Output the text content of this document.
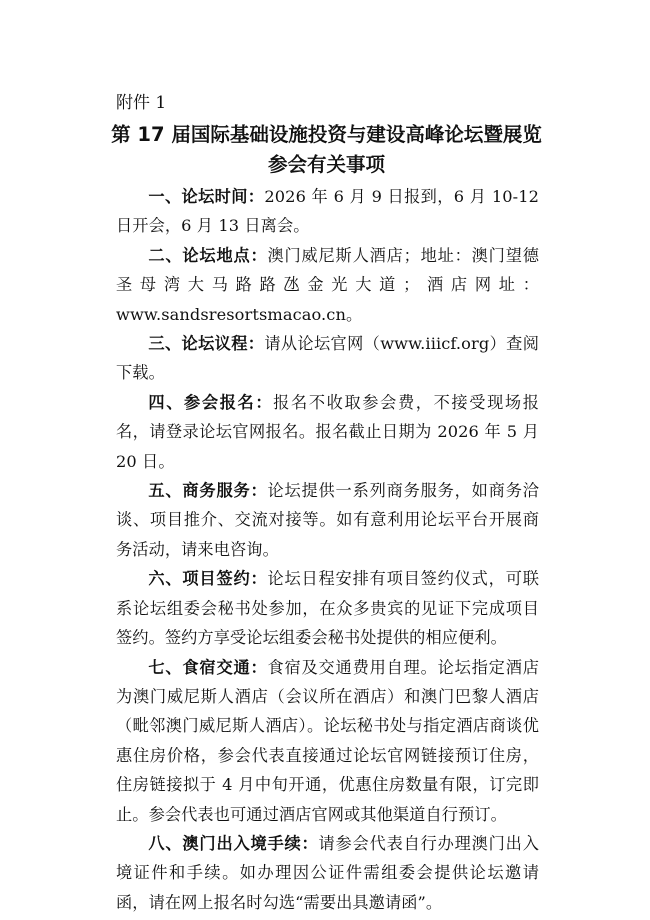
附件 1
第 17 届国际基础设施投资与建设高峰论坛暨展览
参会有关事项

一、论坛时间：2026 年 6 月 9 日报到，6 月 10-12 日开会，6 月 13 日离会。

二、论坛地点：澳门威尼斯人酒店；地址：澳门望德圣母湾大马路路氹金光大道；酒店网址：www.sandsresortsmacao.cn。

三、论坛议程：请从论坛官网（www.iiicf.org）查阅下载。

四、参会报名：报名不收取参会费，不接受现场报名，请登录论坛官网报名。报名截止日期为 2026 年 5 月 20 日。

五、商务服务：论坛提供一系列商务服务，如商务洽谈、项目推介、交流对接等。如有意利用论坛平台开展商务活动，请来电咨询。

六、项目签约：论坛日程安排有项目签约仪式，可联系论坛组委会秘书处参加，在众多贵宾的见证下完成项目签约。签约方享受论坛组委会秘书处提供的相应便利。

七、食宿交通：食宿及交通费用自理。论坛指定酒店为澳门威尼斯人酒店（会议所在酒店）和澳门巴黎人酒店（毗邻澳门威尼斯人酒店）。论坛秘书处与指定酒店商谈优惠住房价格，参会代表直接通过论坛官网链接预订住房，住房链接拟于 4 月中旬开通，优惠住房数量有限，订完即止。参会代表也可通过酒店官网或其他渠道自行预订。

八、澳门出入境手续：请参会代表自行办理澳门出入境证件和手续。如办理因公证件需组委会提供论坛邀请函，请在网上报名时勾选“需要出具邀请函”。
